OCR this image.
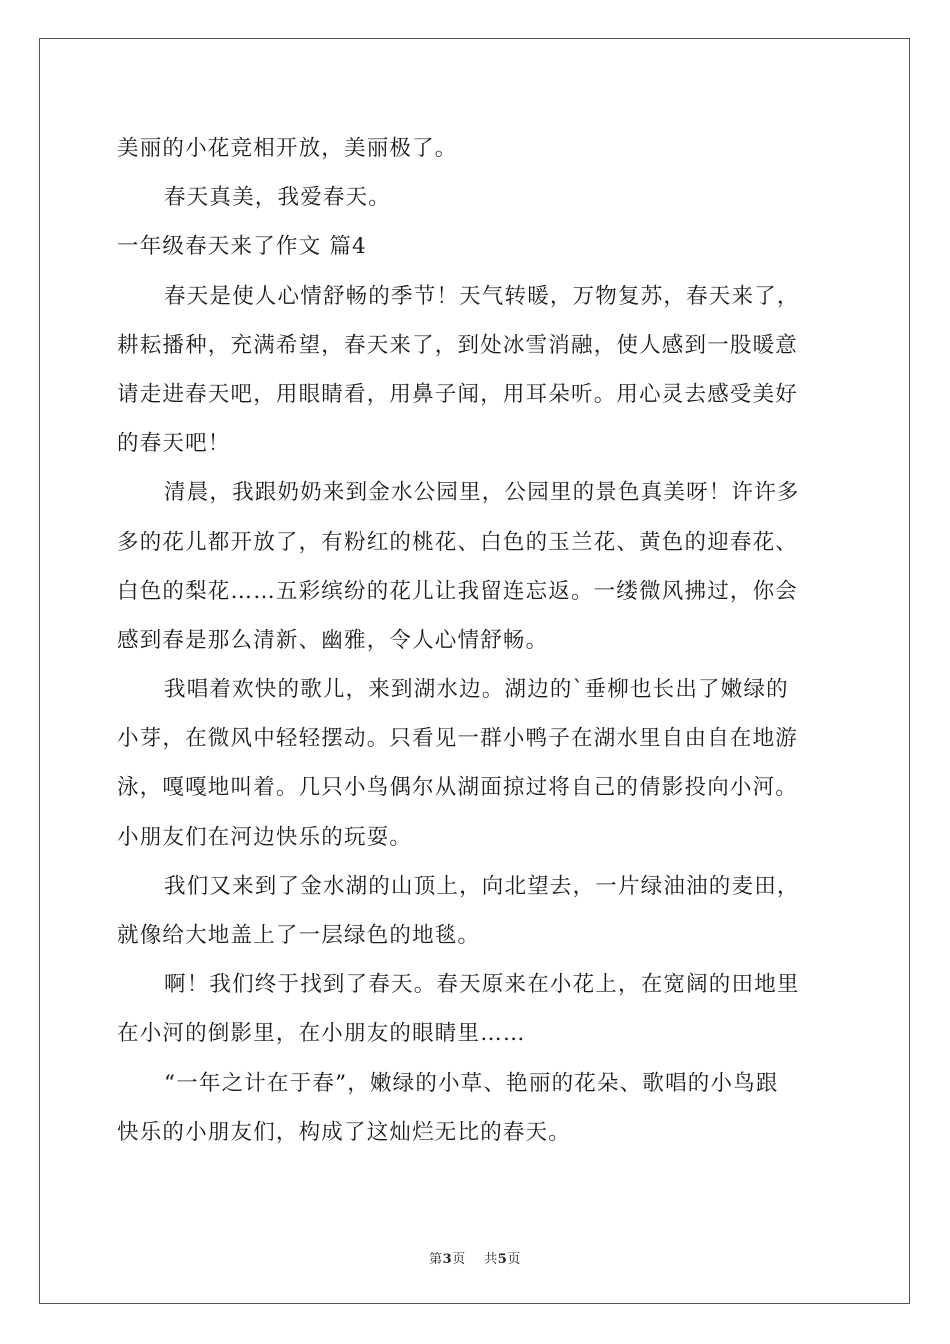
美丽的小花竞相开放，美丽极了。
春天真美，我爱春天。
一年级春天来了作文 篇4
春天是使人心情舒畅的季节！天气转暖，万物复苏，春天来了，
耕耘播种，充满希望，春天来了，到处冰雪消融，使人感到一股暖意
请走进春天吧，用眼睛看，用鼻子闻，用耳朵听。用心灵去感受美好
的春天吧！
清晨，我跟奶奶来到金水公园里，公园里的景色真美呀！许许多
多的花儿都开放了，有粉红的桃花、白色的玉兰花、黄色的迎春花、
白色的梨花……五彩缤纷的花儿让我留连忘返。一缕微风拂过，你会
感到春是那么清新、幽雅，令人心情舒畅。
我唱着欢快的歌儿，来到湖水边。湖边的`垂柳也长出了嫩绿的
小芽，在微风中轻轻摆动。只看见一群小鸭子在湖水里自由自在地游
泳，嘎嘎地叫着。几只小鸟偶尔从湖面掠过将自己的倩影投向小河。
小朋友们在河边快乐的玩耍。
我们又来到了金水湖的山顶上，向北望去，一片绿油油的麦田，
就像给大地盖上了一层绿色的地毯。
啊！我们终于找到了春天。春天原来在小花上，在宽阔的田地里
在小河的倒影里，在小朋友的眼睛里……
“一年之计在于春”，嫩绿的小草、艳丽的花朵、歌唱的小鸟跟
快乐的小朋友们，构成了这灿烂无比的春天。
第3页 共5页
